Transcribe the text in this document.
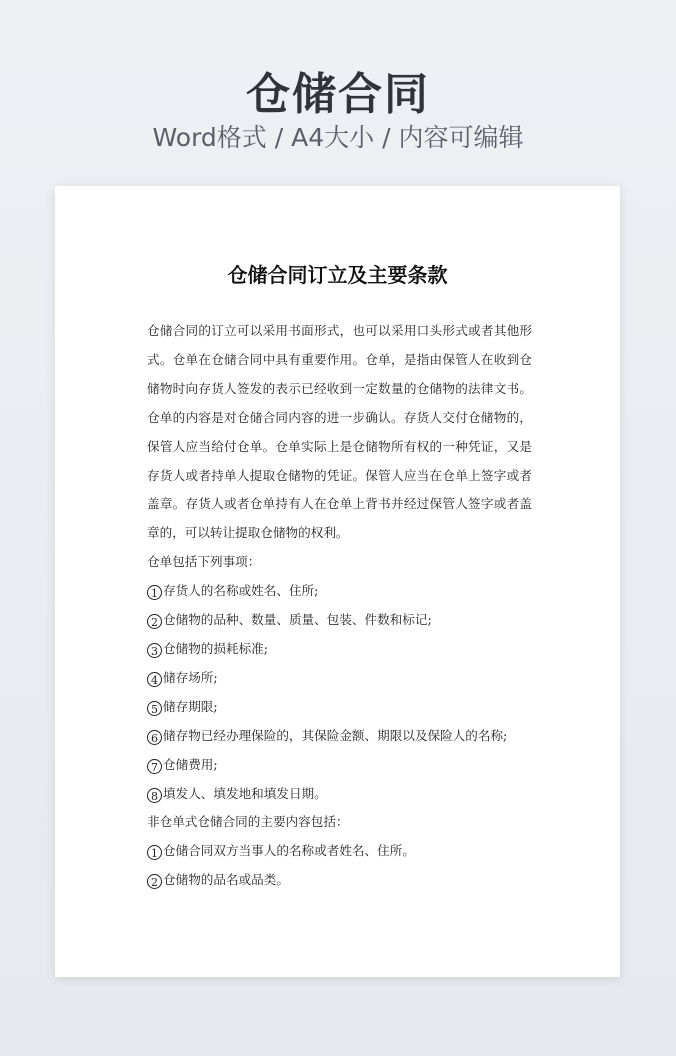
仓储合同
Word格式 / A4大小 / 内容可编辑
仓储合同订立及主要条款

仓储合同的订立可以采用书面形式，也可以采用口头形式或者其他形式。仓单在仓储合同中具有重要作用。仓单，是指由保管人在收到仓储物时向存货人签发的表示已经收到一定数量的仓储物的法律文书。仓单的内容是对仓储合同内容的进一步确认。存货人交付仓储物的，保管人应当给付仓单。仓单实际上是仓储物所有权的一种凭证，又是存货人或者持单人提取仓储物的凭证。保管人应当在仓单上签字或者盖章。存货人或者仓单持有人在仓单上背书并经过保管人签字或者盖章的，可以转让提取仓储物的权利。

仓单包括下列事项：

1 存货人的名称或姓名、住所;

2 仓储物的品种、数量、质量、包装、件数和标记;

3 仓储物的损耗标准;

4 储存场所;

5 储存期限;

6 储存物已经办理保险的，其保险金额、期限以及保险人的名称;

7 仓储费用;

8 填发人、填发地和填发日期。

非仓单式仓储合同的主要内容包括：

1 仓储合同双方当事人的名称或者姓名、住所。

2 仓储物的品名或品类。
